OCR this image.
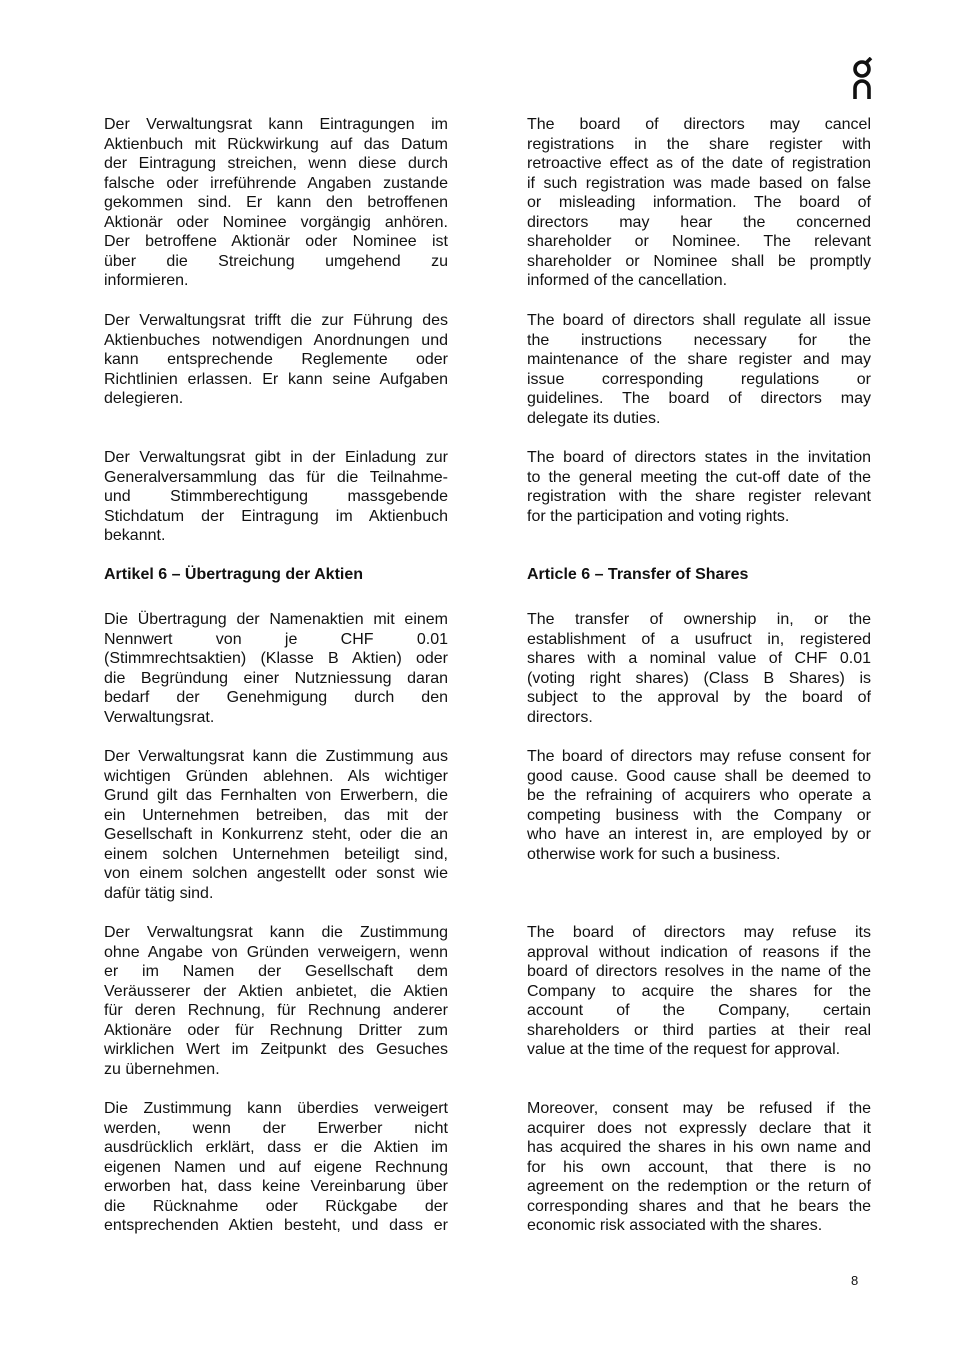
Der Verwaltungsrat kann Eintragungen im
Aktienbuch mit Rückwirkung auf das Datum
der Eintragung streichen, wenn diese durch
falsche oder irreführende Angaben zustande
gekommen sind. Er kann den betroffenen
Aktionär oder Nominee vorgängig anhören.
Der betroffene Aktionär oder Nominee ist
über die Streichung umgehend zu
informieren.
Der Verwaltungsrat trifft die zur Führung des
Aktienbuches notwendigen Anordnungen und
kann entsprechende Reglemente oder
Richtlinien erlassen. Er kann seine Aufgaben
delegieren.
Der Verwaltungsrat gibt in der Einladung zur
Generalversammlung das für die Teilnahme-
und Stimmberechtigung massgebende
Stichdatum der Eintragung im Aktienbuch
bekannt.
Artikel 6 – Übertragung der Aktien
Die Übertragung der Namenaktien mit einem
Nennwert von je CHF 0.01
(Stimmrechtsaktien) (Klasse B Aktien) oder
die Begründung einer Nutzniessung daran
bedarf der Genehmigung durch den
Verwaltungsrat.
Der Verwaltungsrat kann die Zustimmung aus
wichtigen Gründen ablehnen. Als wichtiger
Grund gilt das Fernhalten von Erwerbern, die
ein Unternehmen betreiben, das mit der
Gesellschaft in Konkurrenz steht, oder die an
einem solchen Unternehmen beteiligt sind,
von einem solchen angestellt oder sonst wie
dafür tätig sind.
Der Verwaltungsrat kann die Zustimmung
ohne Angabe von Gründen verweigern, wenn
er im Namen der Gesellschaft dem
Veräusserer der Aktien anbietet, die Aktien
für deren Rechnung, für Rechnung anderer
Aktionäre oder für Rechnung Dritter zum
wirklichen Wert im Zeitpunkt des Gesuches
zu übernehmen.
Die Zustimmung kann überdies verweigert
werden, wenn der Erwerber nicht
ausdrücklich erklärt, dass er die Aktien im
eigenen Namen und auf eigene Rechnung
erworben hat, dass keine Vereinbarung über
die Rücknahme oder Rückgabe der
entsprechenden Aktien besteht, und dass er
The board of directors may cancel
registrations in the share register with
retroactive effect as of the date of registration
if such registration was made based on false
or misleading information. The board of
directors may hear the concerned
shareholder or Nominee. The relevant
shareholder or Nominee shall be promptly
informed of the cancellation.
The board of directors shall regulate all issue
the instructions necessary for the
maintenance of the share register and may
issue corresponding regulations or
guidelines. The board of directors may
delegate its duties.
The board of directors states in the invitation
to the general meeting the cut-off date of the
registration with the share register relevant
for the participation and voting rights.
Article 6 – Transfer of Shares
The transfer of ownership in, or the
establishment of a usufruct in, registered
shares with a nominal value of CHF 0.01
(voting right shares) (Class B Shares) is
subject to the approval by the board of
directors.
The board of directors may refuse consent for
good cause. Good cause shall be deemed to
be the refraining of acquirers who operate a
competing business with the Company or
who have an interest in, are employed by or
otherwise work for such a business.
The board of directors may refuse its
approval without indication of reasons if the
board of directors resolves in the name of the
Company to acquire the shares for the
account of the Company, certain
shareholders or third parties at their real
value at the time of the request for approval.
Moreover, consent may be refused if the
acquirer does not expressly declare that it
has acquired the shares in his own name and
for his own account, that there is no
agreement on the redemption or the return of
corresponding shares and that he bears the
economic risk associated with the shares.
8
